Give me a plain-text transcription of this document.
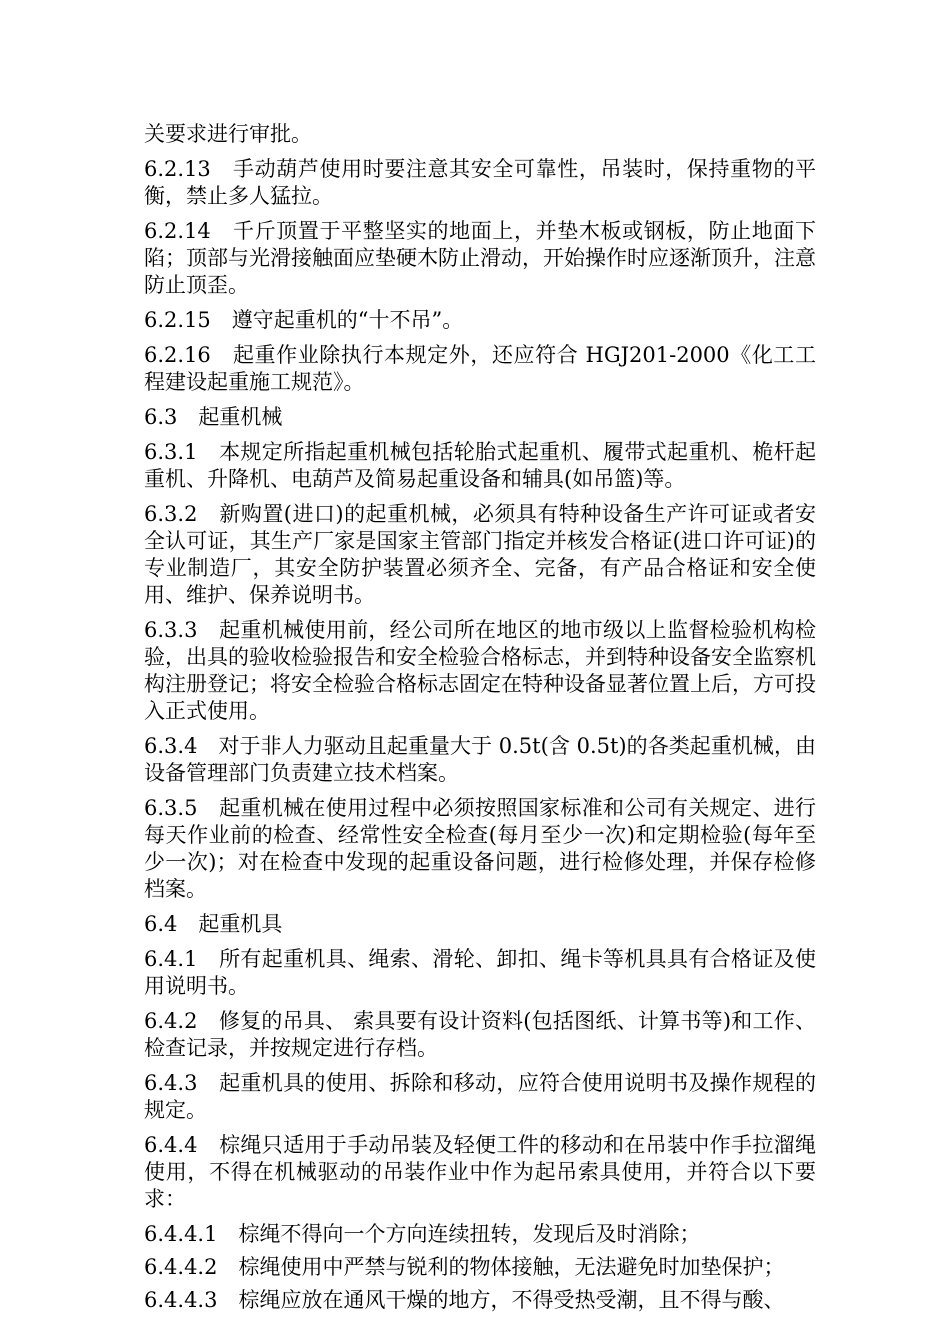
关要求进行审批。

6.2.13　手动葫芦使用时要注意其安全可靠性，吊装时，保持重物的平衡，禁止多人猛拉。

6.2.14　千斤顶置于平整坚实的地面上，并垫木板或钢板，防止地面下陷；顶部与光滑接触面应垫硬木防止滑动，开始操作时应逐渐顶升，注意防止顶歪。

6.2.15　遵守起重机的“十不吊”。

6.2.16　起重作业除执行本规定外，还应符合 HGJ201-2000《化工工程建设起重施工规范》。

6.3　起重机械

6.3.1　本规定所指起重机械包括轮胎式起重机、履带式起重机、桅杆起重机、升降机、电葫芦及简易起重设备和辅具(如吊篮)等。

6.3.2　新购置(进口)的起重机械，必须具有特种设备生产许可证或者安全认可证，其生产厂家是国家主管部门指定并核发合格证(进口许可证)的专业制造厂，其安全防护装置必须齐全、完备，有产品合格证和安全使用、维护、保养说明书。

6.3.3　起重机械使用前，经公司所在地区的地市级以上监督检验机构检验，出具的验收检验报告和安全检验合格标志，并到特种设备安全监察机构注册登记；将安全检验合格标志固定在特种设备显著位置上后，方可投入正式使用。

6.3.4　对于非人力驱动且起重量大于 0.5t(含 0.5t)的各类起重机械，由设备管理部门负责建立技术档案。

6.3.5　起重机械在使用过程中必须按照国家标准和公司有关规定、进行每天作业前的检查、经常性安全检查(每月至少一次)和定期检验(每年至少一次)；对在检查中发现的起重设备问题，进行检修处理，并保存检修档案。

6.4　起重机具

6.4.1　所有起重机具、绳索、滑轮、卸扣、绳卡等机具具有合格证及使用说明书。

6.4.2　修复的吊具、 索具要有设计资料(包括图纸、计算书等)和工作、检查记录，并按规定进行存档。

6.4.3　起重机具的使用、拆除和移动，应符合使用说明书及操作规程的规定。

6.4.4　棕绳只适用于手动吊装及轻便工件的移动和在吊装中作手拉溜绳使用，不得在机械驱动的吊装作业中作为起吊索具使用，并符合以下要求：

6.4.4.1　棕绳不得向一个方向连续扭转，发现后及时消除；

6.4.4.2　棕绳使用中严禁与锐利的物体接触，无法避免时加垫保护；

6.4.4.3　棕绳应放在通风干燥的地方，不得受热受潮，且不得与酸、
